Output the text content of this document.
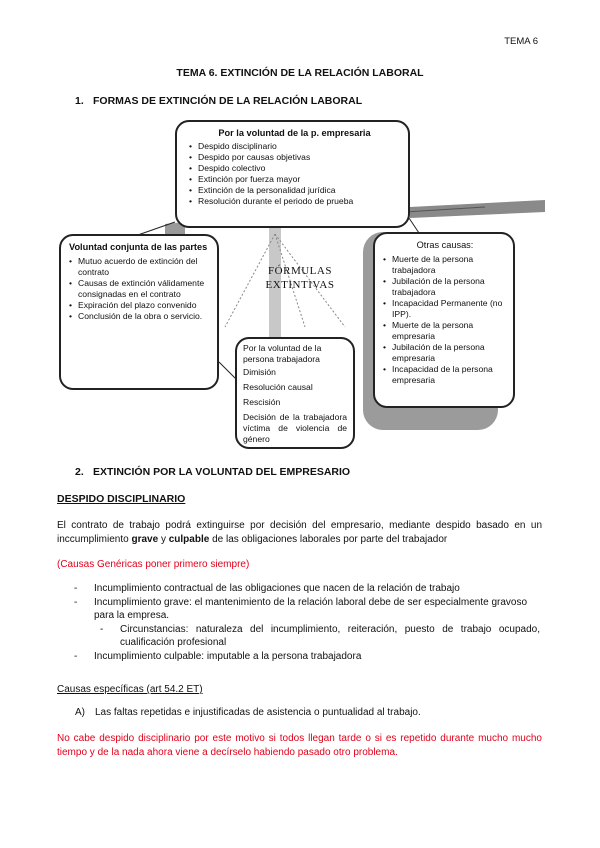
TEMA 6
TEMA 6. EXTINCIÓN DE LA RELACIÓN LABORAL
1. FORMAS DE EXTINCIÓN DE LA RELACIÓN LABORAL
Por la voluntad de la p. empresaria
• Despido disciplinario
• Despido por causas objetivas
• Despido colectivo
• Extinción por fuerza mayor
• Extinción de la personalidad jurídica
• Resolución durante el periodo de prueba
Voluntad conjunta de las partes
• Mutuo acuerdo de extinción del contrato
• Causas de extinción válidamente consignadas en el contrato
• Expiración del plazo convenido
• Conclusión de la obra o servicio.
FÓRMULAS
EXTINTIVAS
Otras causas:
• Muerte de la persona trabajadora
• Jubilación de la persona trabajadora
• Incapacidad Permanente (no IPP).
• Muerte de la persona empresaria
• Jubilación de la persona empresaria
• Incapacidad de la persona empresaria
Por la voluntad de la persona trabajadora
Dimisión
Resolución causal
Rescisión
Decisión de la trabajadora víctima de violencia de género
2. EXTINCIÓN POR LA VOLUNTAD DEL EMPRESARIO
DESPIDO DISCIPLINARIO
El contrato de trabajo podrá extinguirse por decisión del empresario, mediante despido basado en un inccumplimiento grave y culpable de las obligaciones laborales por parte del trabajador
(Causas Genéricas poner primero siempre)
- Incumplimiento contractual de las obligaciones que nacen de la relación de trabajo
- Incumplimiento grave: el mantenimiento de la relación laboral debe de ser especialmente gravoso para la empresa.
- Circunstancias: naturaleza del incumplimiento, reiteración, puesto de trabajo ocupado, cualificación profesional
- Incumplimiento culpable: imputable a la persona trabajadora
Causas específicas (art 54.2 ET)
A) Las faltas repetidas e injustificadas de asistencia o puntualidad al trabajo.
No cabe despido disciplinario por este motivo si todos llegan tarde o si es repetido durante mucho mucho tiempo y de la nada ahora viene a decírselo habiendo pasado otro problema.
